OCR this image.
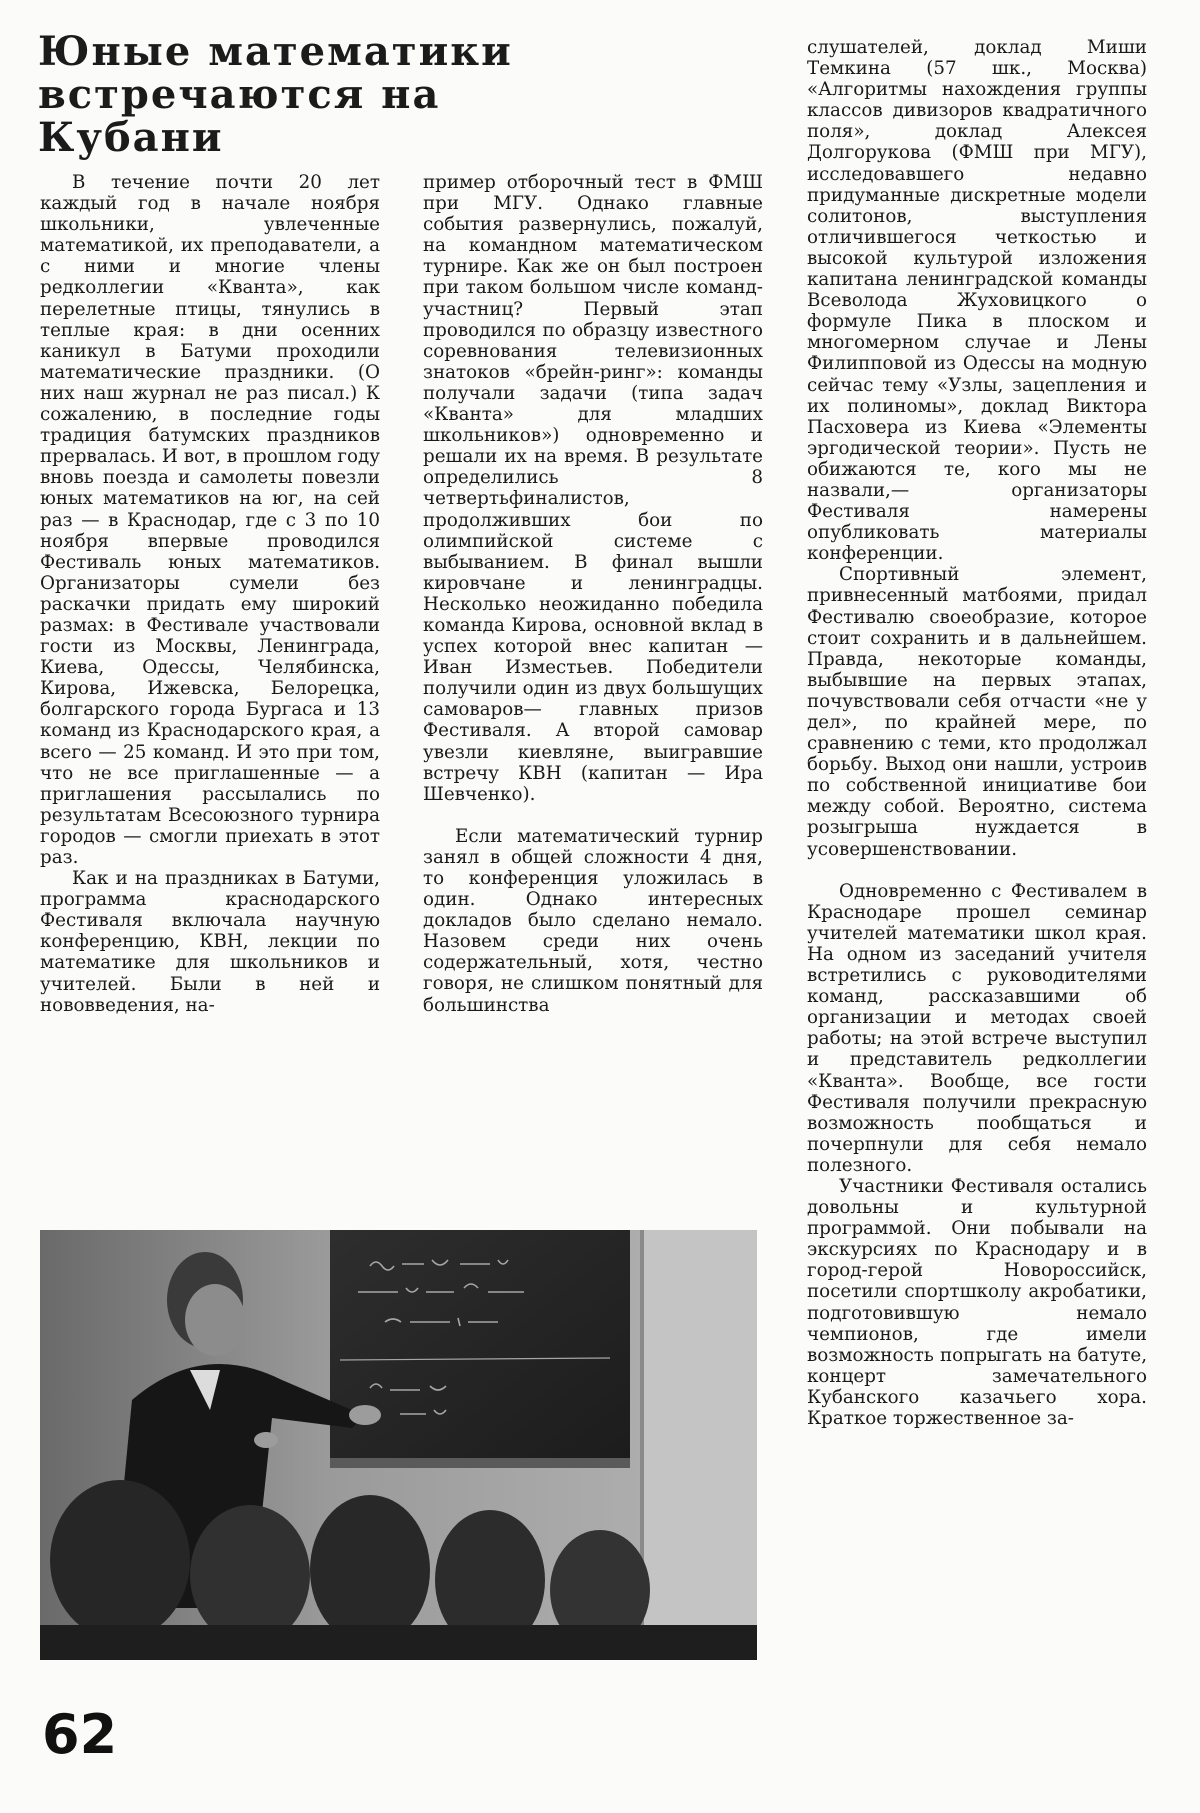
Юные математики
встречаются на Кубани

В течение почти 20 лет каждый год в начале ноября школьники, увлеченные математикой, их преподаватели, а с ними и многие члены редколлегии «Кванта», как перелетные птицы, тянулись в теплые края: в дни осенних каникул в Батуми проходили математические праздники. (О них наш журнал не раз писал.) К сожалению, в последние годы традиция батумских праздников прервалась. И вот, в прошлом году вновь поезда и самолеты повезли юных математиков на юг, на сей раз — в Краснодар, где с 3 по 10 ноября впервые проводился Фестиваль юных математиков. Организаторы сумели без раскачки придать ему широкий размах: в Фестивале участвовали гости из Москвы, Ленинграда, Киева, Одессы, Челябинска, Кирова, Ижевска, Белорецка, болгарского города Бургаса и 13 команд из Краснодарского края, а всего — 25 команд. И это при том, что не все приглашенные — а приглашения рассылались по результатам Всесоюзного турнира городов — смогли приехать в этот раз.

Как и на праздниках в Батуми, программа краснодарского Фестиваля включала научную конференцию, КВН, лекции по математике для школьников и учителей. Были в ней и нововведения, на-

пример отборочный тест в ФМШ при МГУ. Однако главные события развернулись, пожалуй, на командном математическом турнире. Как же он был построен при таком большом числе команд-участниц? Первый этап проводился по образцу известного соревнования телевизионных знатоков «брейн-ринг»: команды получали задачи (типа задач «Кванта» для младших школьников») одновременно и решали их на время. В результате определились 8 четвертьфиналистов, продолживших бои по олимпийской системе с выбыванием. В финал вышли кировчане и ленинградцы. Несколько неожиданно победила команда Кирова, основной вклад в успех которой внес капитан — Иван Изместьев. Победители получили один из двух большущих самоваров— главных призов Фестиваля. А второй самовар увезли киевляне, выигравшие встречу КВН (капитан — Ира Шевченко).

Если математический турнир занял в общей сложности 4 дня, то конференция уложилась в один. Однако интересных докладов было сделано немало. Назовем среди них очень содержательный, хотя, честно говоря, не слишком понятный для большинства

слушателей, доклад Миши Темкина (57 шк., Москва) «Алгоритмы нахождения группы классов дивизоров квадратичного поля», доклад Алексея Долгорукова (ФМШ при МГУ), исследовавшего недавно придуманные дискретные модели солитонов, выступления отличившегося четкостью и высокой культурой изложения капитана ленинградской команды Всеволода Жуховицкого о формуле Пика в плоском и многомерном случае и Лены Филипповой из Одессы на модную сейчас тему «Узлы, зацепления и их полиномы», доклад Виктора Пасховера из Киева «Элементы эргодической теории». Пусть не обижаются те, кого мы не назвали,— организаторы Фестиваля намерены опубликовать материалы конференции.

Спортивный элемент, привнесенный матбоями, придал Фестивалю своеобразие, которое стоит сохранить и в дальнейшем. Правда, некоторые команды, выбывшие на первых этапах, почувствовали себя отчасти «не у дел», по крайней мере, по сравнению с теми, кто продолжал борьбу. Выход они нашли, устроив по собственной инициативе бои между собой. Вероятно, система розыгрыша нуждается в усовершенствовании.

Одновременно с Фестивалем в Краснодаре прошел семинар учителей математики школ края. На одном из заседаний учителя встретились с руководителями команд, рассказавшими об организации и методах своей работы; на этой встрече выступил и представитель редколлегии «Кванта». Вообще, все гости Фестиваля получили прекрасную возможность пообщаться и почерпнули для себя немало полезного.

Участники Фестиваля остались довольны и культурной программой. Они побывали на экскурсиях по Краснодару и в город-герой Новороссийск, посетили спортшколу акробатики, подготовившую немало чемпионов, где имели возможность попрыгать на батуте, концерт замечательного Кубанского казачьего хора. Краткое торжественное за-

62
